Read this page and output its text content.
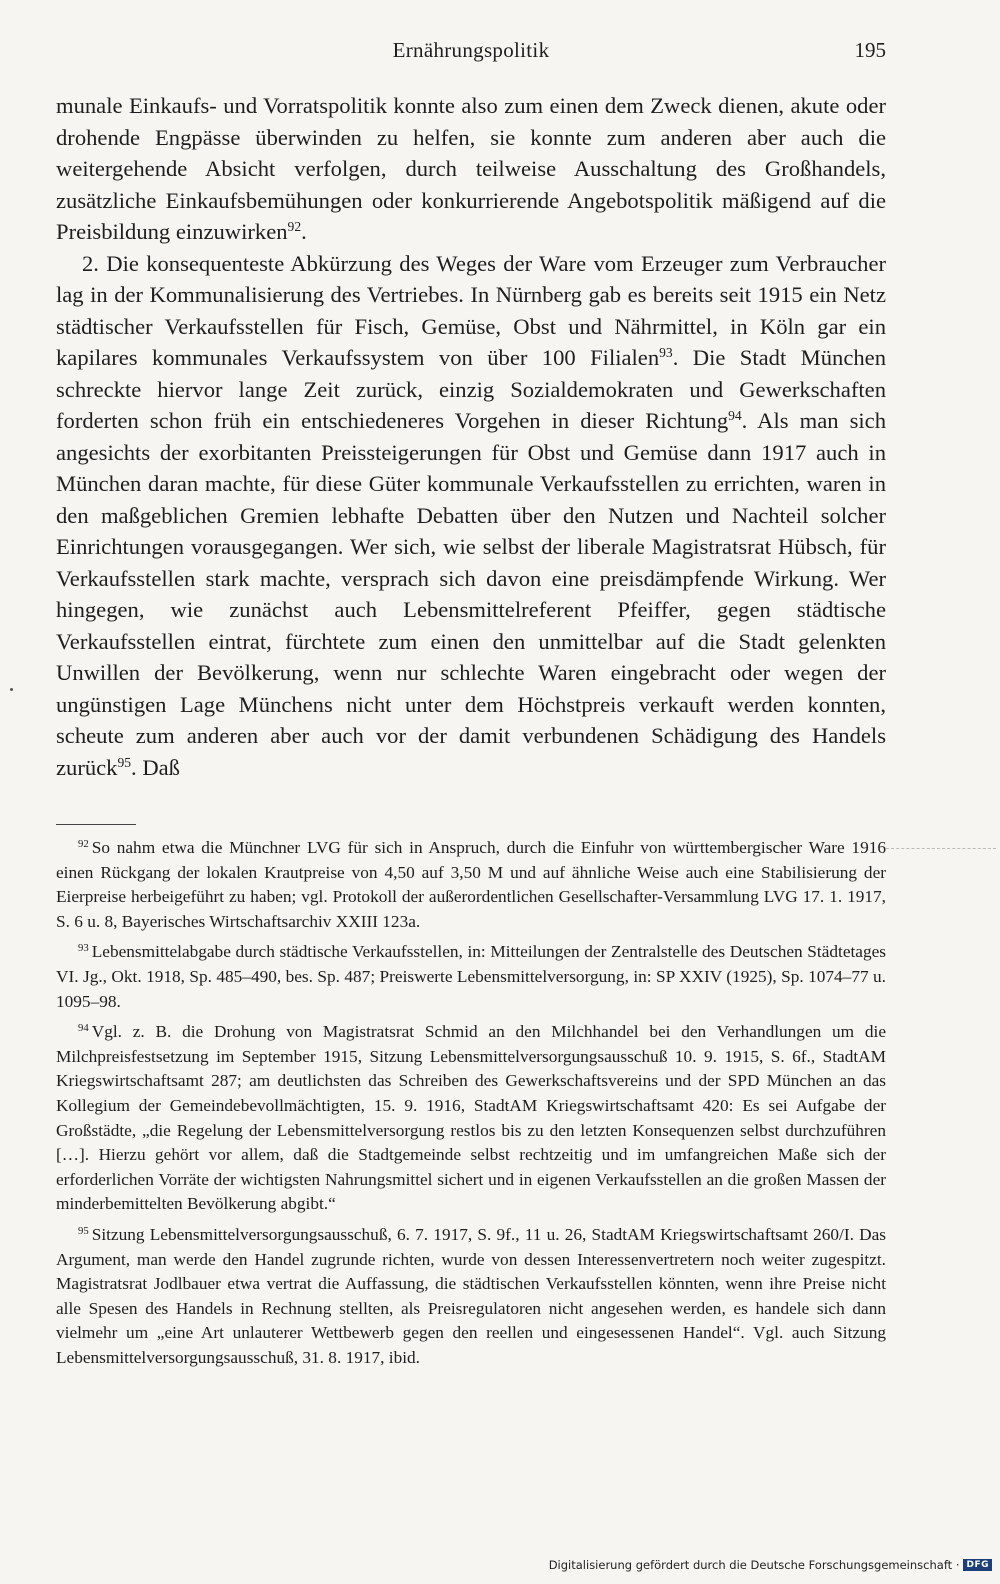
Ernährungspolitik	195

munale Einkaufs- und Vorratspolitik konnte also zum einen dem Zweck dienen, akute oder drohende Engpässe überwinden zu helfen, sie konnte zum anderen aber auch die weitergehende Absicht verfolgen, durch teilweise Ausschaltung des Großhandels, zusätzliche Einkaufsbemühungen oder konkurrierende Angebotspolitik mäßigend auf die Preisbildung einzuwirken$^{92}$.

2. Die konsequenteste Abkürzung des Weges der Ware vom Erzeuger zum Verbraucher lag in der Kommunalisierung des Vertriebes. In Nürnberg gab es bereits seit 1915 ein Netz städtischer Verkaufsstellen für Fisch, Gemüse, Obst und Nährmittel, in Köln gar ein kapilares kommunales Verkaufssystem von über 100 Filialen$^{93}$. Die Stadt München schreckte hiervor lange Zeit zurück, einzig Sozialdemokraten und Gewerkschaften forderten schon früh ein entschiedeneres Vorgehen in dieser Richtung$^{94}$. Als man sich angesichts der exorbitanten Preissteigerungen für Obst und Gemüse dann 1917 auch in München daran machte, für diese Güter kommunale Verkaufsstellen zu errichten, waren in den maßgeblichen Gremien lebhafte Debatten über den Nutzen und Nachteil solcher Einrichtungen vorausgegangen. Wer sich, wie selbst der liberale Magistratsrat Hübsch, für Verkaufsstellen stark machte, versprach sich davon eine preisdämpfende Wirkung. Wer hingegen, wie zunächst auch Lebensmittelreferent Pfeiffer, gegen städtische Verkaufsstellen eintrat, fürchtete zum einen den unmittelbar auf die Stadt gelenkten Unwillen der Bevölkerung, wenn nur schlechte Waren eingebracht oder wegen der ungünstigen Lage Münchens nicht unter dem Höchstpreis verkauft werden konnten, scheute zum anderen aber auch vor der damit verbundenen Schädigung des Handels zurück$^{95}$. Daß

$^{92}$ So nahm etwa die Münchner LVG für sich in Anspruch, durch die Einfuhr von württembergischer Ware 1916 einen Rückgang der lokalen Krautpreise von 4,50 auf 3,50 M und auf ähnliche Weise auch eine Stabilisierung der Eierpreise herbeigeführt zu haben; vgl. Protokoll der außerordentlichen Gesellschafter-Versammlung LVG 17. 1. 1917, S. 6 u. 8, Bayerisches Wirtschaftsarchiv XXIII 123a.

$^{93}$ Lebensmittelabgabe durch städtische Verkaufsstellen, in: Mitteilungen der Zentralstelle des Deutschen Städtetages VI. Jg., Okt. 1918, Sp. 485–490, bes. Sp. 487; Preiswerte Lebensmittelversorgung, in: SP XXIV (1925), Sp. 1074–77 u. 1095–98.

$^{94}$ Vgl. z. B. die Drohung von Magistratsrat Schmid an den Milchhandel bei den Verhandlungen um die Milchpreisfestsetzung im September 1915, Sitzung Lebensmittelversorgungsausschuß 10. 9. 1915, S. 6f., StadtAM Kriegswirtschaftsamt 287; am deutlichsten das Schreiben des Gewerkschaftsvereins und der SPD München an das Kollegium der Gemeindebevollmächtigten, 15. 9. 1916, StadtAM Kriegswirtschaftsamt 420: Es sei Aufgabe der Großstädte, „die Regelung der Lebensmittelversorgung restlos bis zu den letzten Konsequenzen selbst durchzuführen […]. Hierzu gehört vor allem, daß die Stadtgemeinde selbst rechtzeitig und im umfangreichen Maße sich der erforderlichen Vorräte der wichtigsten Nahrungsmittel sichert und in eigenen Verkaufsstellen an die großen Massen der minderbemittelten Bevölkerung abgibt.“

$^{95}$ Sitzung Lebensmittelversorgungsausschuß, 6. 7. 1917, S. 9f., 11 u. 26, StadtAM Kriegswirtschaftsamt 260/I. Das Argument, man werde den Handel zugrunde richten, wurde von dessen Interessenvertretern noch weiter zugespitzt. Magistratsrat Jodlbauer etwa vertrat die Auffassung, die städtischen Verkaufsstellen könnten, wenn ihre Preise nicht alle Spesen des Handels in Rechnung stellten, als Preisregulatoren nicht angesehen werden, es handele sich dann vielmehr um „eine Art unlauterer Wettbewerb gegen den reellen und eingesessenen Handel“. Vgl. auch Sitzung Lebensmittelversorgungsausschuß, 31. 8. 1917, ibid.

Digitalisierung gefördert durch die Deutsche Forschungsgemeinschaft · DFG
